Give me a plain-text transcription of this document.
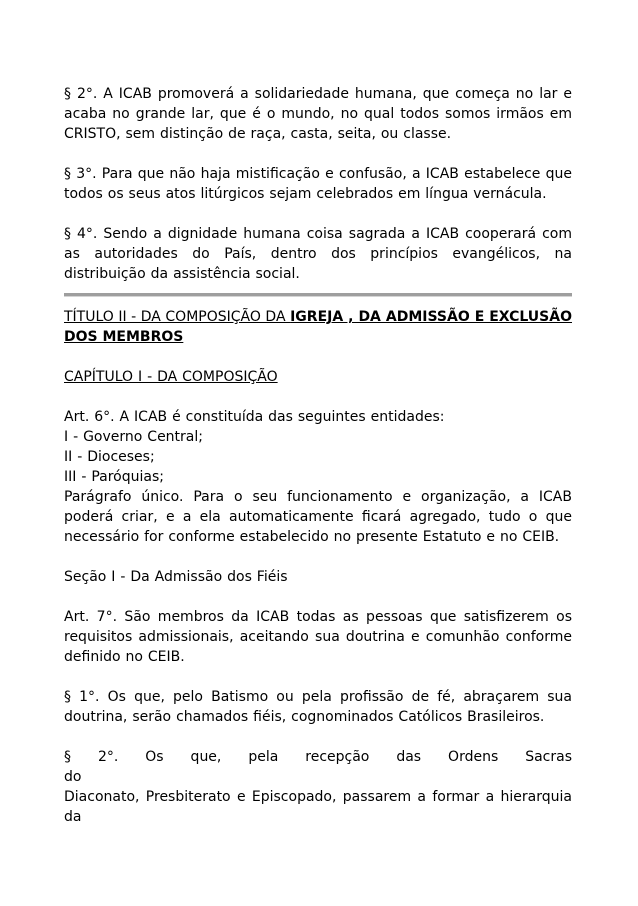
§ 2°. A ICAB promoverá a solidariedade humana, que começa no lar e acaba no grande lar, que é o mundo, no qual todos somos irmãos em CRISTO, sem distinção de raça, casta, seita, ou classe.

§ 3°. Para que não haja mistificação e confusão, a ICAB estabelece que todos os seus atos litúrgicos sejam celebrados em língua vernácula.

§ 4°. Sendo a dignidade humana coisa sagrada a ICAB cooperará com as autoridades do País, dentro dos princípios evangélicos, na distribuição da assistência social.

TÍTULO II - DA COMPOSIÇÃO DA IGREJA , DA ADMISSÃO E EXCLUSÃO DOS MEMBROS

CAPÍTULO I - DA COMPOSIÇÃO

Art. 6°. A ICAB é constituída das seguintes entidades:
I - Governo Central;
II - Dioceses;
III - Paróquias;
Parágrafo único. Para o seu funcionamento e organização, a ICAB poderá criar, e a ela automaticamente ficará agregado, tudo o que necessário for conforme estabelecido no presente Estatuto e no CEIB.

Seção I - Da Admissão dos Fiéis

Art. 7°. São membros da ICAB todas as pessoas que satisfizerem os requisitos admissionais, aceitando sua doutrina e comunhão conforme definido no CEIB.

§ 1°. Os que, pelo Batismo ou pela profissão de fé, abraçarem sua doutrina, serão chamados fiéis, cognominados Católicos Brasileiros.

§ 2°. Os que, pela recepção das Ordens Sacras do
Diaconato, Presbiterato e Episcopado, passarem a formar a hierarquia da
